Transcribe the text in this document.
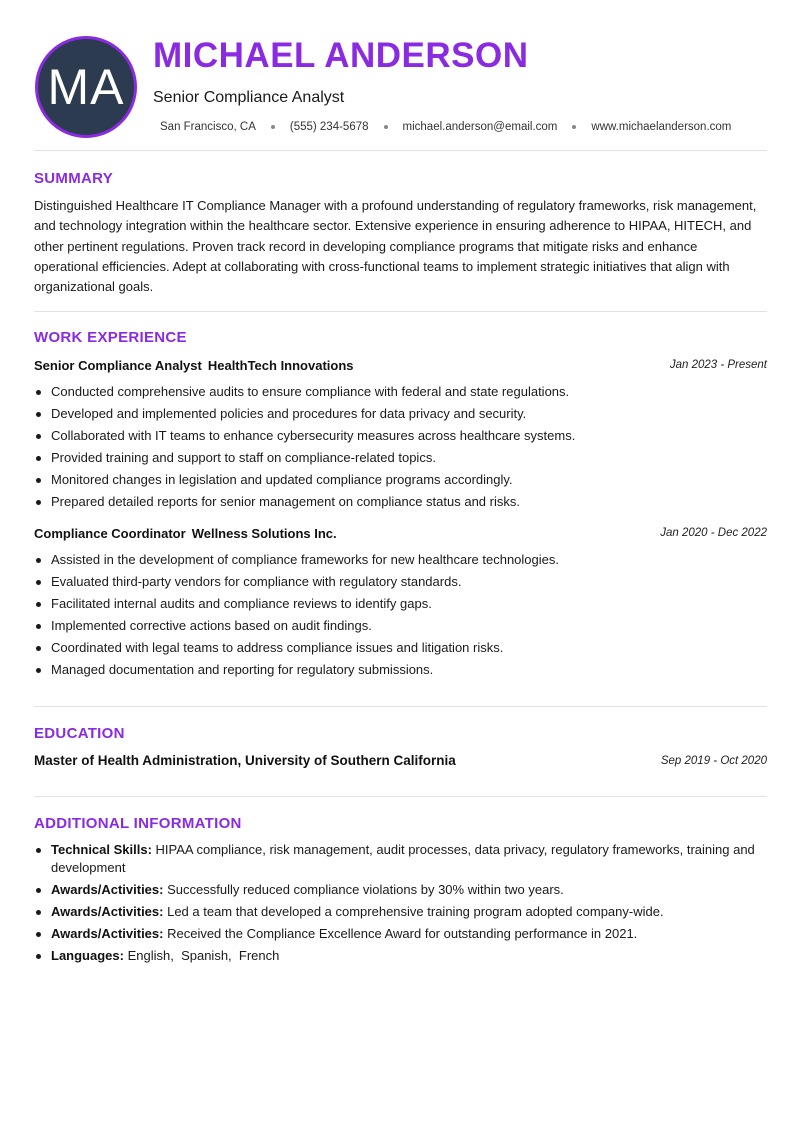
MA
MICHAEL ANDERSON
Senior Compliance Analyst
San Francisco, CA	(555) 234-5678	michael.anderson@email.com	www.michaelanderson.com
SUMMARY
Distinguished Healthcare IT Compliance Manager with a profound understanding of regulatory frameworks, risk management, and technology integration within the healthcare sector. Extensive experience in ensuring adherence to HIPAA, HITECH, and other pertinent regulations. Proven track record in developing compliance programs that mitigate risks and enhance operational efficiencies. Adept at collaborating with cross-functional teams to implement strategic initiatives that align with organizational goals.
WORK EXPERIENCE
Senior Compliance Analyst HealthTech Innovations	Jan 2023 - Present
Conducted comprehensive audits to ensure compliance with federal and state regulations.
Developed and implemented policies and procedures for data privacy and security.
Collaborated with IT teams to enhance cybersecurity measures across healthcare systems.
Provided training and support to staff on compliance-related topics.
Monitored changes in legislation and updated compliance programs accordingly.
Prepared detailed reports for senior management on compliance status and risks.
Compliance Coordinator Wellness Solutions Inc.	Jan 2020 - Dec 2022
Assisted in the development of compliance frameworks for new healthcare technologies.
Evaluated third-party vendors for compliance with regulatory standards.
Facilitated internal audits and compliance reviews to identify gaps.
Implemented corrective actions based on audit findings.
Coordinated with legal teams to address compliance issues and litigation risks.
Managed documentation and reporting for regulatory submissions.
EDUCATION
Master of Health Administration, University of Southern California	Sep 2019 - Oct 2020
ADDITIONAL INFORMATION
Technical Skills: HIPAA compliance, risk management, audit processes, data privacy, regulatory frameworks, training and development
Awards/Activities: Successfully reduced compliance violations by 30% within two years.
Awards/Activities: Led a team that developed a comprehensive training program adopted company-wide.
Awards/Activities: Received the Compliance Excellence Award for outstanding performance in 2021.
Languages: English,  Spanish,  French
